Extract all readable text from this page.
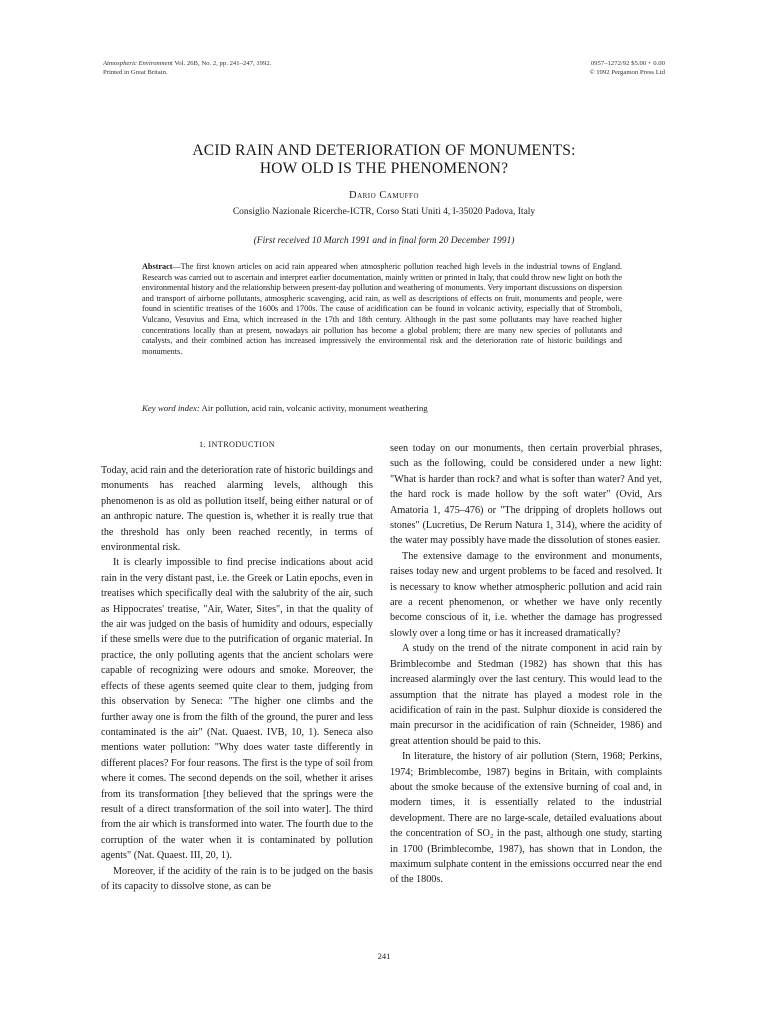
Atmospheric Environment Vol. 26B, No. 2, pp. 241–247, 1992.
Printed in Great Britain.
0957–1272/92 $5.00 + 0.00
© 1992 Pergamon Press Ltd
ACID RAIN AND DETERIORATION OF MONUMENTS:
HOW OLD IS THE PHENOMENON?
Dario Camuffo
Consiglio Nazionale Ricerche-ICTR, Corso Stati Uniti 4, I-35020 Padova, Italy
(First received 10 March 1991 and in final form 20 December 1991)

Abstract—The first known articles on acid rain appeared when atmospheric pollution reached high levels in the industrial towns of England. Research was carried out to ascertain and interpret earlier documentation, mainly written or printed in Italy, that could throw new light on both the environmental history and the relationship between present-day pollution and weathering of monuments. Very important discussions on dispersion and transport of airborne pollutants, atmospheric scavenging, acid rain, as well as descriptions of effects on fruit, monuments and people, were found in scientific treatises of the 1600s and 1700s. The cause of acidification can be found in volcanic activity, especially that of Stromboli, Vulcano, Vesuvius and Etna, which increased in the 17th and 18th century. Although in the past some pollutants may have reached higher concentrations locally than at present, nowadays air pollution has become a global problem; there are many new species of pollutants and catalysts, and their combined action has increased impressively the environmental risk and the deterioration rate of historic buildings and monuments.

Key word index: Air pollution, acid rain, volcanic activity, monument weathering
1. INTRODUCTION

Today, acid rain and the deterioration rate of historic buildings and monuments has reached alarming levels, although this phenomenon is as old as pollution itself, being either natural or of an anthropic nature. The question is, whether it is really true that the threshold has only been reached recently, in terms of environmental risk.

It is clearly impossible to find precise indications about acid rain in the very distant past, i.e. the Greek or Latin epochs, even in treatises which specifically deal with the salubrity of the air, such as Hippocrates' treatise, "Air, Water, Sites", in that the quality of the air was judged on the basis of humidity and odours, especially if these smells were due to the putrification of organic material. In practice, the only polluting agents that the ancient scholars were capable of recognizing were odours and smoke. Moreover, the effects of these agents seemed quite clear to them, judging from this observation by Seneca: "The higher one climbs and the further away one is from the filth of the ground, the purer and less contaminated is the air" (Nat. Quaest. IVB, 10, 1). Seneca also mentions water pollution: "Why does water taste differently in different places? For four reasons. The first is the type of soil from where it comes. The second depends on the soil, whether it arises from its transformation [they believed that the springs were the result of a direct transformation of the soil into water]. The third from the air which is transformed into water. The fourth due to the corruption of the water when it is contaminated by pollution agents" (Nat. Quaest. III, 20, 1).

Moreover, if the acidity of the rain is to be judged on the basis of its capacity to dissolve stone, as can be

seen today on our monuments, then certain proverbial phrases, such as the following, could be considered under a new light: "What is harder than rock? and what is softer than water? And yet, the hard rock is made hollow by the soft water" (Ovid, Ars Amatoria 1, 475–476) or "The dripping of droplets hollows out stones" (Lucretius, De Rerum Natura 1, 314), where the acidity of the water may possibly have made the dissolution of stones easier.

The extensive damage to the environment and monuments, raises today new and urgent problems to be faced and resolved. It is necessary to know whether atmospheric pollution and acid rain are a recent phenomenon, or whether we have only recently become conscious of it, i.e. whether the damage has progressed slowly over a long time or has it increased dramatically?

A study on the trend of the nitrate component in acid rain by Brimblecombe and Stedman (1982) has shown that this has increased alarmingly over the last century. This would lead to the assumption that the nitrate has played a modest role in the acidification of rain in the past. Sulphur dioxide is considered the main precursor in the acidification of rain (Schneider, 1986) and great attention should be paid to this.

In literature, the history of air pollution (Stern, 1968; Perkins, 1974; Brimblecombe, 1987) begins in Britain, with complaints about the smoke because of the extensive burning of coal and, in modern times, it is essentially related to the industrial development. There are no large-scale, detailed evaluations about the concentration of SO₂ in the past, although one study, starting in 1700 (Brimblecombe, 1987), has shown that in London, the maximum sulphate content in the emissions occurred near the end of the 1800s.

241
